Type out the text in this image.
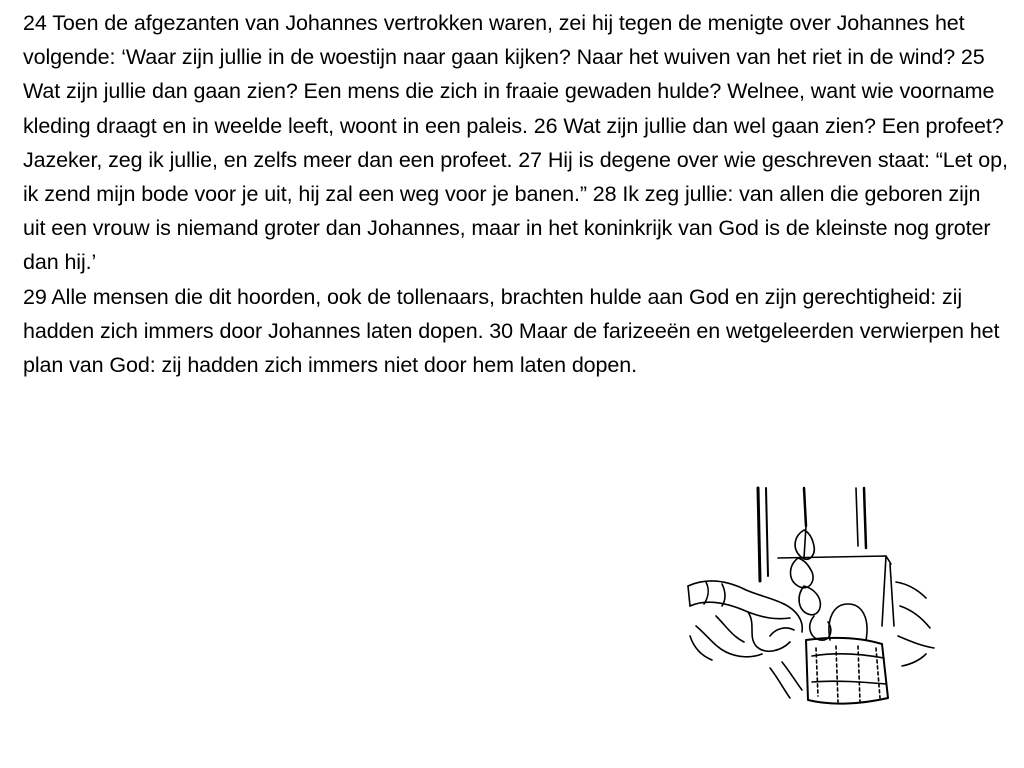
24 Toen de afgezanten van Johannes vertrokken waren, zei hij tegen de menigte over Johannes het volgende: ‘Waar zijn jullie in de woestijn naar gaan kijken? Naar het wuiven van het riet in de wind? 25 Wat zijn jullie dan gaan zien? Een mens die zich in fraaie gewaden hulde? Welnee, want wie voorname kleding draagt en in weelde leeft, woont in een paleis. 26 Wat zijn jullie dan wel gaan zien? Een profeet? Jazeker, zeg ik jullie, en zelfs meer dan een profeet. 27 Hij is degene over wie geschreven staat: “Let op, ik zend mijn bode voor je uit, hij zal een weg voor je banen.” 28 Ik zeg jullie: van allen die geboren zijn uit een vrouw is niemand groter dan Johannes, maar in het koninkrijk van God is de kleinste nog groter dan hij.’

29 Alle mensen die dit hoorden, ook de tollenaars, brachten hulde aan God en zijn gerechtigheid: zij hadden zich immers door Johannes laten dopen. 30 Maar de farizeeën en wetgeleerden verwierpen het plan van God: zij hadden zich immers niet door hem laten dopen.
